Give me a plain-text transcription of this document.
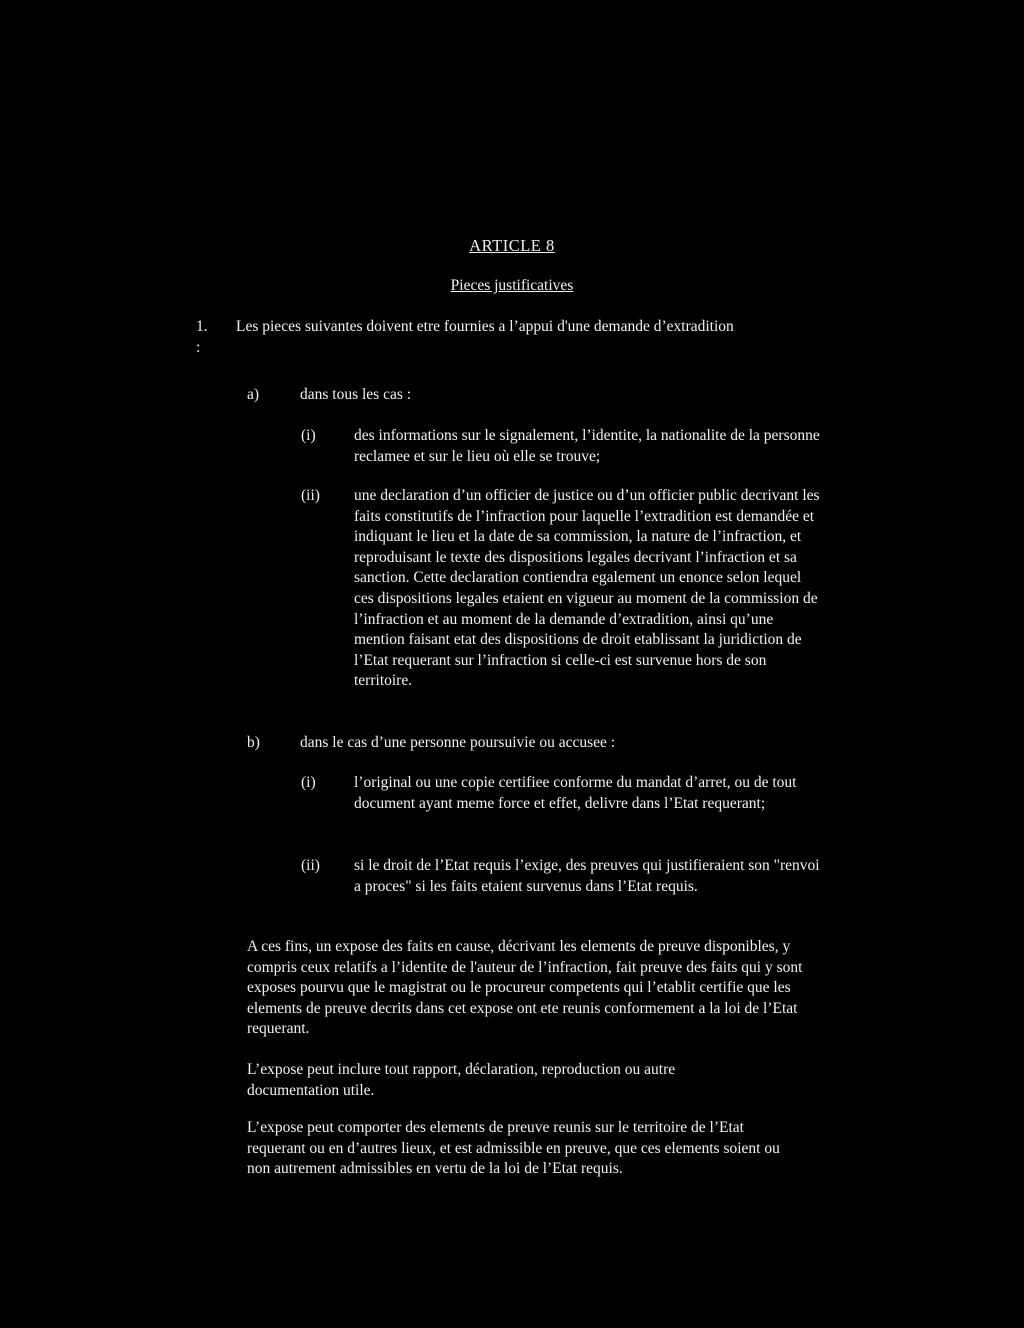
ARTICLE 8

Pieces justificatives

1.	Les pieces suivantes doivent etre fournies a l’appui d'une demande d’extradition :

a)	dans tous les cas :

(i) des informations sur le signalement, l’identite, la nationalite de la personne reclamee et sur le lieu où elle se trouve;

(ii) une declaration d’un officier de justice ou d’un officier public decrivant les faits constitutifs de l’infraction pour laquelle l’extradition est demandée et indiquant le lieu et la date de sa commission, la nature de l’infraction, et reproduisant le texte des dispositions legales decrivant l’infraction et sa sanction. Cette declaration contiendra egalement un enonce selon lequel ces dispositions legales etaient en vigueur au moment de la commission de l’infraction et au moment de la demande d’extradition, ainsi qu’une mention faisant etat des dispositions de droit etablissant la juridiction de l’Etat requerant sur l’infraction si celle-ci est survenue hors de son territoire.

b)	dans le cas d’une personne poursuivie ou accusee :

(i) l’original ou une copie certifiee conforme du mandat d’arret, ou de tout document ayant meme force et effet, delivre dans l’Etat requerant;

(ii) si le droit de l’Etat requis l’exige, des preuves qui justifieraient son "renvoi a proces" si les faits etaient survenus dans l’Etat requis.

A ces fins, un expose des faits en cause, décrivant les elements de preuve disponibles, y compris ceux relatifs a l’identite de l'auteur de l’infraction, fait preuve des faits qui y sont exposes pourvu que le magistrat ou le procureur competents qui l’etablit certifie que les elements de preuve decrits dans cet expose ont ete reunis conformement a la loi de l’Etat requerant.

L’expose peut inclure tout rapport, déclaration, reproduction ou autre documentation utile.

L’expose peut comporter des elements de preuve reunis sur le territoire de l’Etat requerant ou en d’autres lieux, et est admissible en preuve, que ces elements soient ou non autrement admissibles en vertu de la loi de l’Etat requis.
